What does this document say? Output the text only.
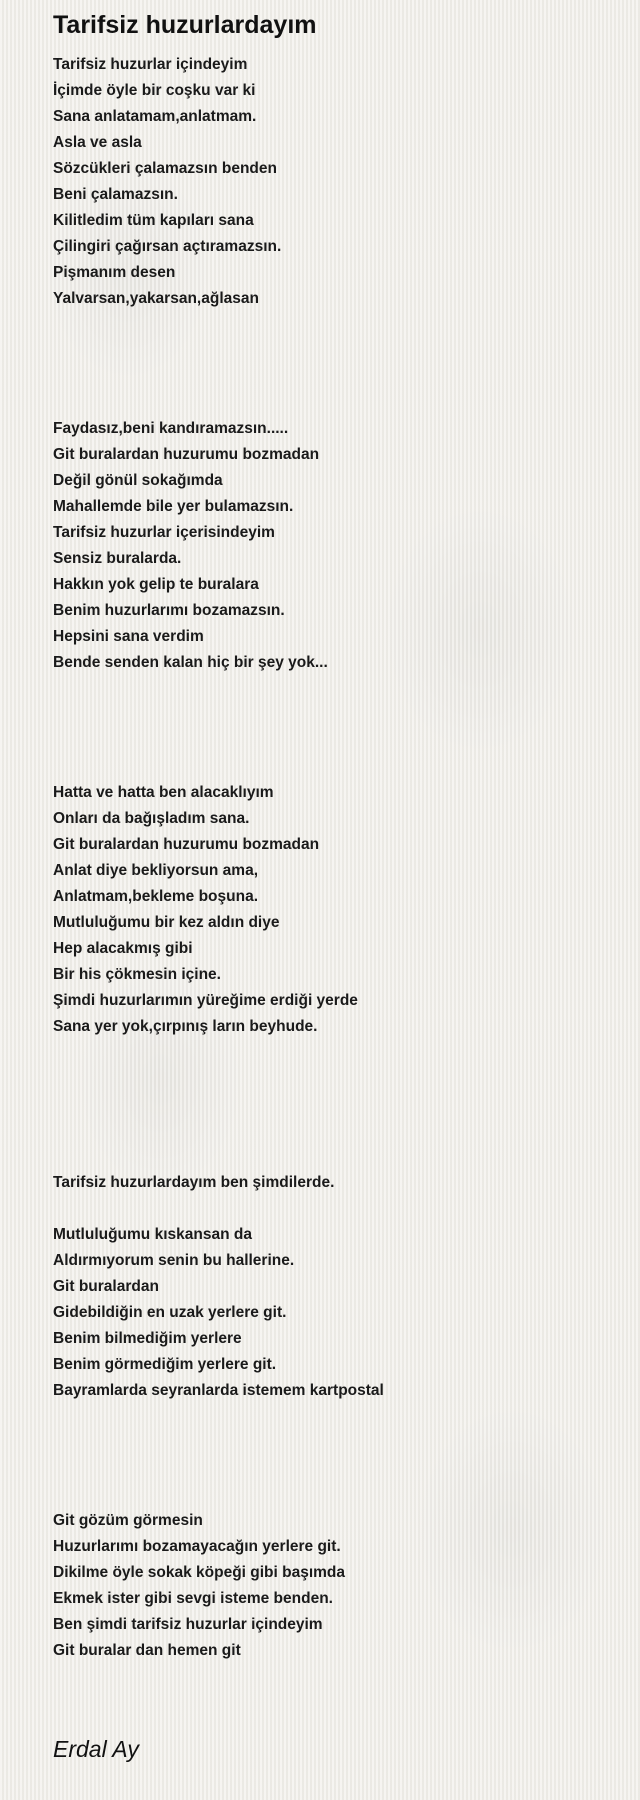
Tarifsiz huzurlardayım
Tarifsiz huzurlar içindeyim
İçimde öyle bir coşku var ki
Sana anlatamam,anlatmam.
Asla ve asla
Sözcükleri çalamazsın benden
Beni çalamazsın.
Kilitledim tüm kapıları sana
Çilingiri çağırsan açtıramazsın.
Pişmanım desen
Yalvarsan,yakarsan,ağlasan
Faydasız,beni kandıramazsın.....
Git buralardan huzurumu bozmadan
Değil gönül sokağımda
Mahallemde bile yer bulamazsın.
Tarifsiz huzurlar içerisindeyim
Sensiz buralarda.
Hakkın yok gelip te buralara
Benim huzurlarımı bozamazsın.
Hepsini sana verdim
Bende senden kalan hiç bir şey yok...
Hatta ve hatta ben alacaklıyım
Onları da bağışladım sana.
Git buralardan huzurumu bozmadan
Anlat diye bekliyorsun ama,
Anlatmam,bekleme boşuna.
Mutluluğumu bir kez aldın diye
Hep alacakmış gibi
Bir his çökmesin içine.
Şimdi huzurlarımın yüreğime erdiği yerde
Sana yer yok,çırpınış ların beyhude.
Tarifsiz huzurlardayım ben şimdilerde.
Mutluluğumu kıskansan da
Aldırmıyorum senin bu hallerine.
Git buralardan
Gidebildiğin en uzak yerlere git.
Benim bilmediğim yerlere
Benim görmediğim yerlere git.
Bayramlarda seyranlarda istemem kartpostal
Git gözüm görmesin
Huzurlarımı bozamayacağın yerlere git.
Dikilme öyle sokak köpeği gibi başımda
Ekmek ister gibi sevgi isteme benden.
Ben şimdi tarifsiz huzurlar içindeyim
Git buralar dan hemen git
Erdal Ay
